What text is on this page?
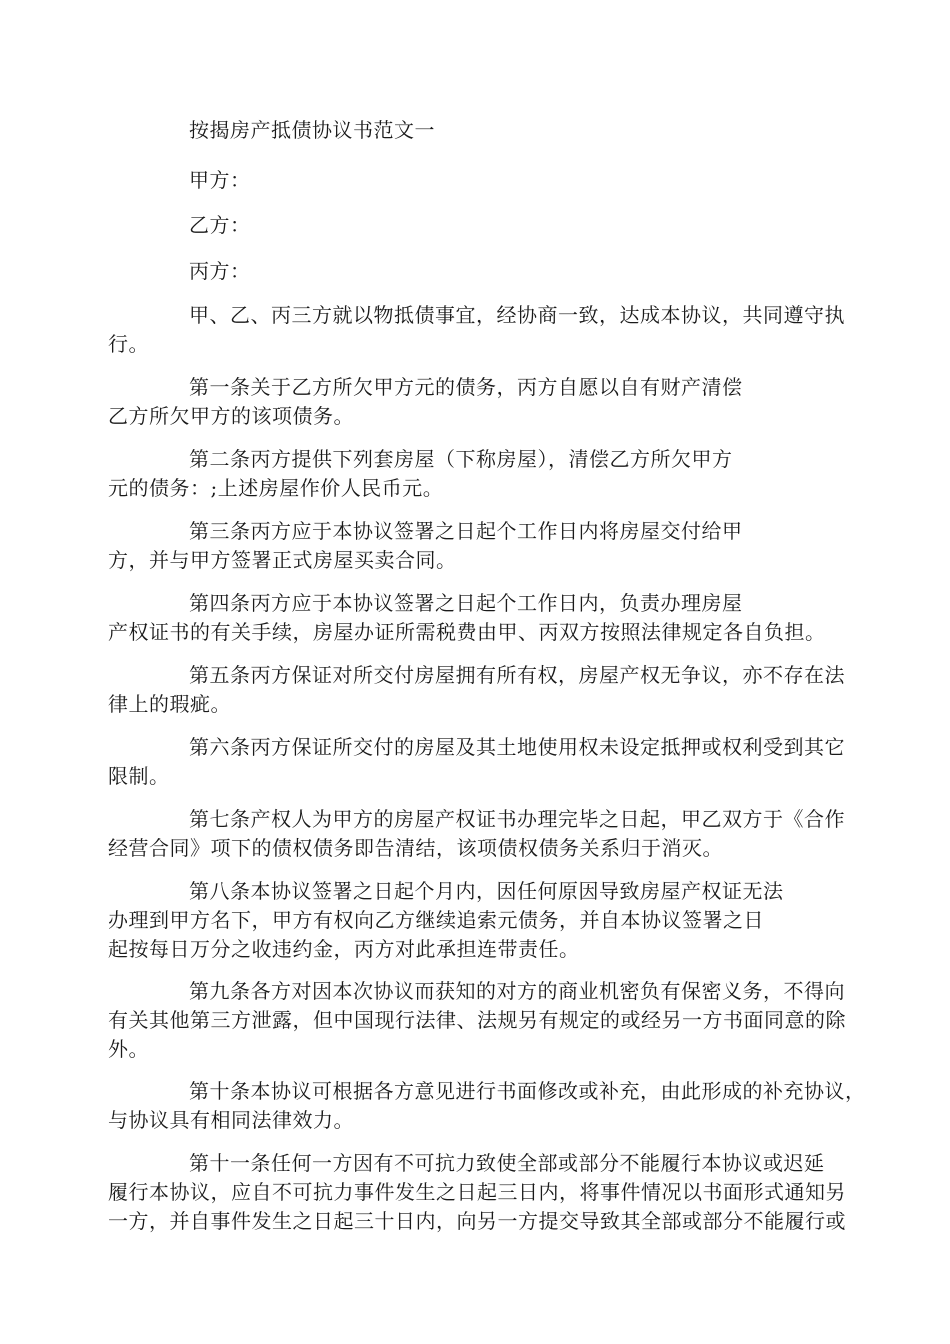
按揭房产抵债协议书范文一

甲方：

乙方：

丙方：

甲、乙、丙三方就以物抵债事宜，经协商一致，达成本协议，共同遵守执
行。

第一条关于乙方所欠甲方元的债务，丙方自愿以自有财产清偿
乙方所欠甲方的该项债务。

第二条丙方提供下列套房屋（下称房屋），清偿乙方所欠甲方
元的债务：;上述房屋作价人民币元。

第三条丙方应于本协议签署之日起个工作日内将房屋交付给甲
方，并与甲方签署正式房屋买卖合同。

第四条丙方应于本协议签署之日起个工作日内，负责办理房屋
产权证书的有关手续，房屋办证所需税费由甲、丙双方按照法律规定各自负担。

第五条丙方保证对所交付房屋拥有所有权，房屋产权无争议，亦不存在法
律上的瑕疵。

第六条丙方保证所交付的房屋及其土地使用权未设定抵押或权利受到其它
限制。

第七条产权人为甲方的房屋产权证书办理完毕之日起，甲乙双方于《合作
经营合同》项下的债权债务即告清结，该项债权债务关系归于消灭。

第八条本协议签署之日起个月内，因任何原因导致房屋产权证无法
办理到甲方名下，甲方有权向乙方继续追索元债务，并自本协议签署之日
起按每日万分之收违约金，丙方对此承担连带责任。

第九条各方对因本次协议而获知的对方的商业机密负有保密义务，不得向
有关其他第三方泄露，但中国现行法律、法规另有规定的或经另一方书面同意的除
外。

第十条本协议可根据各方意见进行书面修改或补充，由此形成的补充协议，
与协议具有相同法律效力。

第十一条任何一方因有不可抗力致使全部或部分不能履行本协议或迟延
履行本协议，应自不可抗力事件发生之日起三日内，将事件情况以书面形式通知另
一方，并自事件发生之日起三十日内，向另一方提交导致其全部或部分不能履行或
